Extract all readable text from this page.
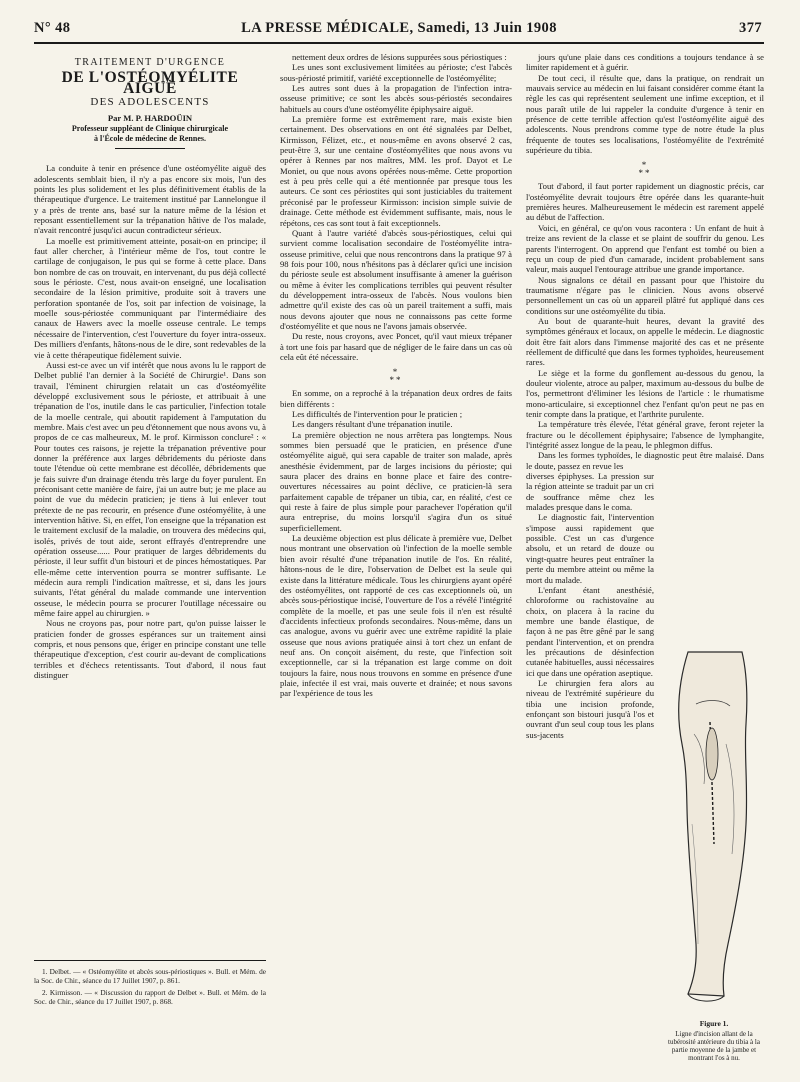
N° 48	LA PRESSE MÉDICALE, Samedi, 13 Juin 1908	377
TRAITEMENT D'URGENCE
DE L'OSTÉOMYÉLITE AIGUË
DES ADOLESCENTS
Par M. P. HARDOÜIN
Professeur suppléant de Clinique chirurgicale
à l'École de médecine de Rennes.

La conduite à tenir en présence d'une ostéomyélite aiguë des adolescents semblait bien, il n'y a pas encore six mois, l'un des points les plus solidement et les plus définitivement établis de la thérapeutique d'urgence. Le traitement institué par Lannelongue il y a près de trente ans, basé sur la nature même de la lésion et reposant essentiellement sur la trépanation hâtive de l'os malade, n'avait rencontré jusqu'ici aucun contradicteur sérieux.

La moelle est primitivement atteinte, posait-on en principe; il faut aller chercher, à l'intérieur même de l'os, tout contre le cartilage de conjugaison, le pus qui se forme à cette place. Dans bon nombre de cas on trouvait, en intervenant, du pus déjà collecté sous le périoste. C'est, nous avait-on enseigné, une localisation secondaire de la lésion primitive, produite soit à travers une perforation spontanée de l'os, soit par infection de voisinage, la moelle sous-périostée communiquant par l'intermédiaire des canaux de Hawers avec la moelle osseuse centrale. Le temps nécessaire de l'intervention, c'est l'ouverture du foyer intra-osseux. Des milliers d'enfants, hâtons-nous de le dire, sont redevables de la vie à cette thérapeutique fidèlement suivie.

Aussi est-ce avec un vif intérêt que nous avons lu le rapport de Delbet publié l'an dernier à la Société de Chirurgie¹. Dans son travail, l'éminent chirurgien relatait un cas d'ostéomyélite développé exclusivement sous le périoste, et attribuait à une trépanation de l'os, inutile dans le cas particulier, l'infection totale de la moelle centrale, qui aboutit rapidement à l'amputation du membre. Mais c'est avec un peu d'étonnement que nous avons vu, à propos de ce cas malheureux, M. le prof. Kirmisson conclure² : « Pour toutes ces raisons, je rejette la trépanation préventive pour donner la préférence aux larges débridements du périoste dans toute l'étendue où cette membrane est décollée, débridements que je fais suivre d'un drainage étendu très large du foyer purulent. En préconisant cette manière de faire, j'ai un autre but; je me place au point de vue du médecin praticien; je tiens à lui enlever tout prétexte de ne pas recourir, en présence d'une ostéomyélite, à une intervention hâtive. Si, en effet, l'on enseigne que la trépanation est le traitement exclusif de la maladie, on trouvera des médecins qui, isolés, privés de tout aide, seront effrayés d'entreprendre une opération osseuse...... Pour pratiquer de larges débridements du périoste, il leur suffit d'un bistouri et de pinces hémostatiques. Par elle-même cette intervention pourra se montrer suffisante. Le médecin aura rempli l'indication maîtresse, et si, dans les jours suivants, l'état général du malade commande une intervention osseuse, le médecin pourra se procurer l'outillage nécessaire ou même faire appel au chirurgien. »

Nous ne croyons pas, pour notre part, qu'on puisse laisser le praticien fonder de grosses espérances sur un traitement ainsi compris, et nous pensons que, ériger en principe constant une telle thérapeutique d'exception, c'est courir au-devant de complications terribles et d'échecs retentissants. Tout d'abord, il nous faut distinguer

1. Delbet. — « Ostéomyélite et abcès sous-périostiques ». Bull. et Mém. de la Soc. de Chir., séance du 17 Juillet 1907, p. 861.

2. Kirmisson. — « Discussion du rapport de Delbet ». Bull. et Mém. de la Soc. de Chir., séance du 17 Juillet 1907, p. 868.

nettement deux ordres de lésions suppurées sous périostiques :

Les unes sont exclusivement limitées au périoste; c'est l'abcès sous-périosté primitif, variété exceptionnelle de l'ostéomyélite;

Les autres sont dues à la propagation de l'infection intra-osseuse primitive; ce sont les abcès sous-périostés secondaires habituels au cours d'une ostéomyélite épiphysaire aiguë.

La première forme est extrêmement rare, mais existe bien certainement. Des observations en ont été signalées par Delbet, Kirmisson, Félizet, etc., et nous-même en avons observé 2 cas, peut-être 3, sur une centaine d'ostéomyélites que nous avons vu opérer à Rennes par nos maîtres, MM. les prof. Dayot et Le Moniet, ou que nous avons opérées nous-même. Cette proportion est à peu près celle qui a été mentionnée par presque tous les auteurs. Ce sont ces périostites qui sont justiciables du traitement préconisé par le professeur Kirmisson: incision simple suivie de drainage. Cette méthode est évidemment suffisante, mais, nous le répétons, ces cas sont tout à fait exceptionnels.

Quant à l'autre variété d'abcès sous-périostiques, celui qui survient comme localisation secondaire de l'ostéomyélite intra-osseuse primitive, celui que nous rencontrons dans la pratique 97 à 98 fois pour 100, nous n'hésitons pas à déclarer qu'ici une incision du périoste seule est absolument insuffisante à amener la guérison ou même à éviter les complications terribles qui peuvent résulter du développement intra-osseux de l'abcès. Nous voulons bien admettre qu'il existe des cas où un pareil traitement a suffi, mais nous devons ajouter que nous ne connaissons pas cette forme d'ostéomyélite et que nous ne l'avons jamais observée.

Du reste, nous croyons, avec Poncet, qu'il vaut mieux trépaner à tort une fois par hasard que de négliger de le faire dans un cas où cela eût été nécessaire.

*
**

En somme, on a reproché à la trépanation deux ordres de faits bien différents :

Les difficultés de l'intervention pour le praticien ;

Les dangers résultant d'une trépanation inutile.

La première objection ne nous arrêtera pas longtemps. Nous sommes bien persuadé que le praticien, en présence d'une ostéomyélite aiguë, qui sera capable de traiter son malade, après anesthésie évidemment, par de larges incisions du périoste; qui saura placer des drains en bonne place et faire des contre-ouvertures nécessaires au point déclive, ce praticien-là sera parfaitement capable de trépaner un tibia, car, en réalité, c'est ce qui reste à faire de plus simple pour parachever l'opération qu'il aura entreprise, du moins lorsqu'il s'agira d'un os situé superficiellement.

La deuxième objection est plus délicate à première vue, Delbet nous montrant une observation où l'infection de la moelle semble bien avoir résulté d'une trépanation inutile de l'os. En réalité, hâtons-nous de le dire, l'observation de Delbet est la seule qui existe dans la littérature médicale. Tous les chirurgiens ayant opéré des ostéomyélites, ont rapporté de ces cas exceptionnels où, un abcès sous-périostique incisé, l'ouverture de l'os a révélé l'intégrité complète de la moelle, et pas une seule fois il n'en est résulté d'accidents infectieux profonds secondaires. Nous-même, dans un cas analogue, avons vu guérir avec une extrême rapidité la plaie osseuse que nous avions pratiquée ainsi à tort chez un enfant de neuf ans. On conçoit aisément, du reste, que l'infection soit exceptionnelle, car si la trépanation est large comme on doit toujours la faire, nous nous trouvons en somme en présence d'une plaie, infectée il est vrai, mais ouverte et drainée; et nous savons par l'expérience de tous les

jours qu'une plaie dans ces conditions a toujours tendance à se limiter rapidement et à guérir.

De tout ceci, il résulte que, dans la pratique, on rendrait un mauvais service au médecin en lui faisant considérer comme étant la règle les cas qui représentent seulement une infime exception, et il nous paraît utile de lui rappeler la conduite d'urgence à tenir en présence de cette terrible affection qu'est l'ostéomyélite aiguë des adolescents. Nous prendrons comme type de notre étude la plus fréquente de toutes ses localisations, l'ostéomyélite de l'extrémité supérieure du tibia.

*
**

Tout d'abord, il faut porter rapidement un diagnostic précis, car l'ostéomyélite devrait toujours être opérée dans les quarante-huit premières heures. Malheureusement le médecin est rarement appelé au début de l'affection.

Voici, en général, ce qu'on vous racontera : Un enfant de huit à treize ans revient de la classe et se plaint de souffrir du genou. Les parents l'interrogent. On apprend que l'enfant est tombé ou bien a reçu un coup de pied d'un camarade, incident probablement sans valeur, mais auquel l'entourage attribue une grande importance.

Nous signalons ce détail en passant pour que l'histoire du traumatisme n'égare pas le clinicien. Nous avons observé personnellement un cas où un appareil plâtré fut appliqué dans ces conditions sur une ostéomyélite du tibia.

Au bout de quarante-huit heures, devant la gravité des symptômes généraux et locaux, on appelle le médecin. Le diagnostic doit être fait alors dans l'immense majorité des cas et ne présente réellement de difficulté que dans les formes typhoïdes, heureusement rares.

Le siège et la forme du gonflement au-dessous du genou, la douleur violente, atroce au palper, maximum au-dessous du bulbe de l'os, permettront d'éliminer les lésions de l'article : le rhumatisme mono-articulaire, si exceptionnel chez l'enfant qu'on peut ne pas en tenir compte dans la pratique, et l'arthrite purulente.

La température très élevée, l'état général grave, feront rejeter la fracture ou le décollement épiphysaire; l'absence de lymphangite, l'intégrité assez longue de la peau, le phlegmon diffus.

Dans les formes typhoïdes, le diagnostic peut être malaisé. Dans le doute, passez en revue les

diverses épiphyses. La pression sur la région atteinte se traduit par un cri de souffrance même chez les malades presque dans le coma.

Le diagnostic fait, l'intervention s'impose aussi rapidement que possible. C'est un cas d'urgence absolu, et un retard de douze ou vingt-quatre heures peut entraîner la perte du membre atteint ou même la mort du malade.

L'enfant étant anesthésié, chloroforme ou rachistovaïne au choix, on placera à la racine du membre une bande élastique, de façon à ne pas être gêné par le sang pendant l'intervention, et on prendra les précautions de désinfection cutanée habituelles, aussi nécessaires ici que dans une opération aseptique.

Le chirurgien fera alors au niveau de l'extrémité supérieure du tibia une incision profonde, enfonçant son bistouri jusqu'à l'os et ouvrant d'un seul coup tous les plans sus-jacents

Figure 1.
Ligne d'incision allant de la tubérosité antérieure du tibia à la partie moyenne de la jambe et montrant l'os à nu.
